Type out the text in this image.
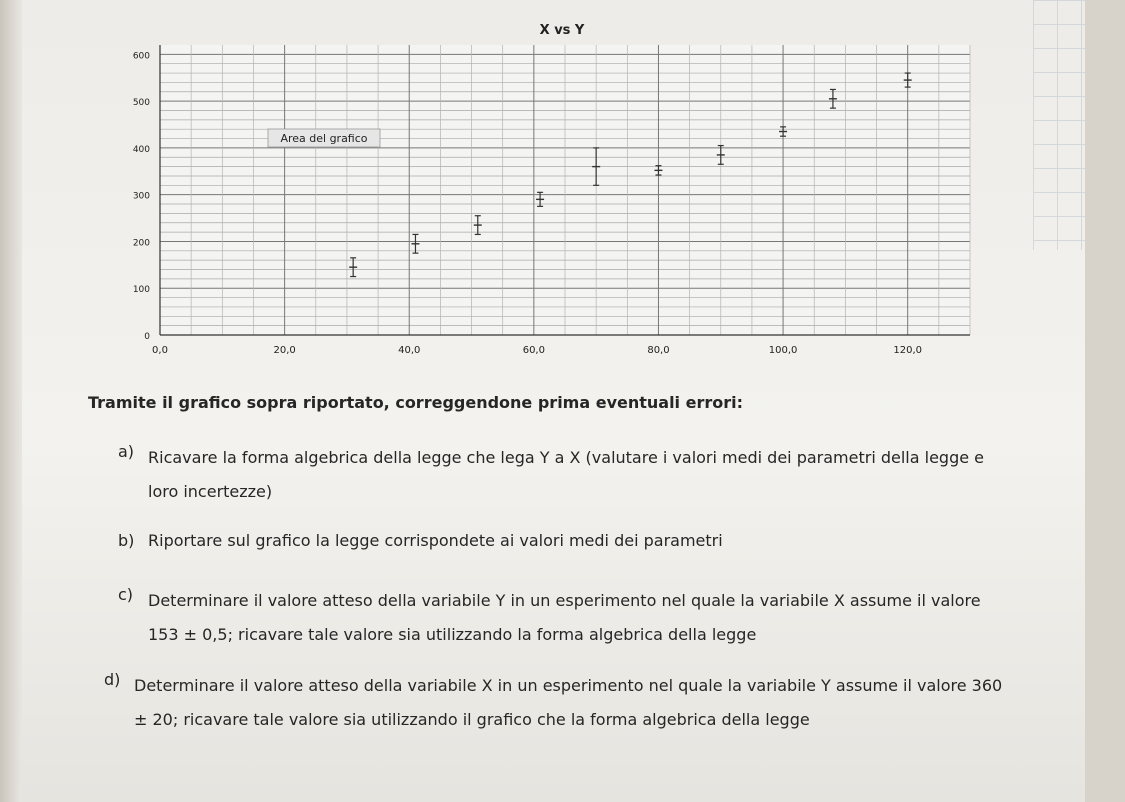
X vs Y
0,0	20,0	40,0	60,0	80,0	100,0	120,0
0
100
200
300
400
500
600
Area del grafico
Tramite il grafico sopra riportato, correggendone prima eventuali errori:
a) Ricavare la forma algebrica della legge che lega Y a X (valutare i valori medi dei parametri della legge e loro incertezze)
b) Riportare sul grafico la legge corrispondete ai valori medi dei parametri
c) Determinare il valore atteso della variabile Y in un esperimento nel quale la variabile X assume il valore 153 ± 0,5; ricavare tale valore sia utilizzando la forma algebrica della legge
d) Determinare il valore atteso della variabile X in un esperimento nel quale la variabile Y assume il valore 360 ± 20; ricavare tale valore sia utilizzando il grafico che la forma algebrica della legge
